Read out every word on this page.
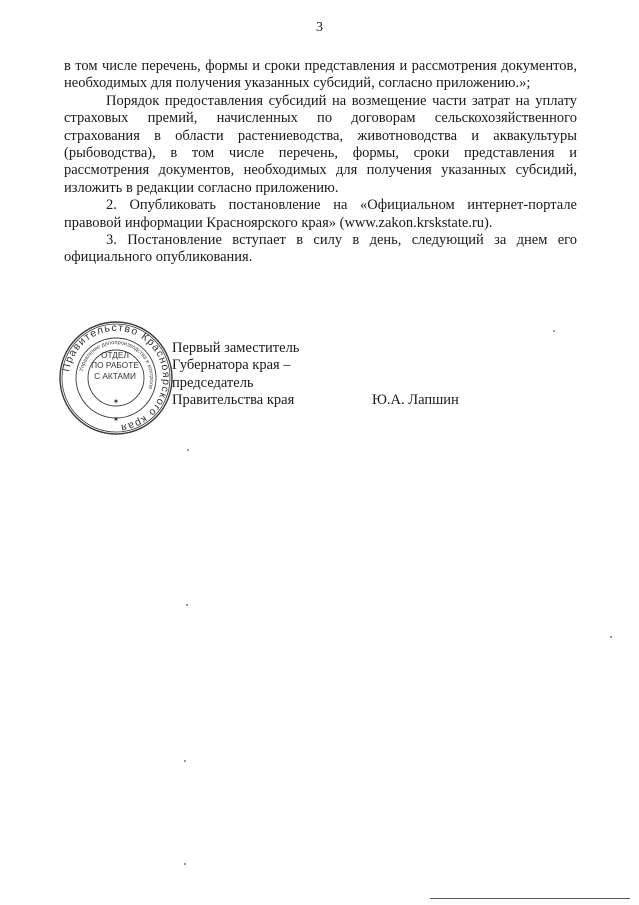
3

в том числе перечень, формы и сроки представления и рассмотрения документов, необходимых для получения указанных субсидий, согласно приложению.»;

Порядок предоставления субсидий на возмещение части затрат на уплату страховых премий, начисленных по договорам сельскохозяйственного страхования в области растениеводства, животноводства и аквакультуры (рыбоводства), в том числе перечень, формы, сроки представления и рассмотрения документов, необходимых для получения указанных субсидий, изложить в редакции согласно приложению.

2. Опубликовать постановление на «Официальном интернет-портале правовой информации Красноярского края» (www.zakon.krskstate.ru).

3. Постановление вступает в силу в день, следующий за днем его официального опубликования.

Правительство Красноярского края
Управление делопроизводства и контроля
✶
✶
ОТДЕЛ
ПО РАБОТЕ
С АКТАМИ
Первый заместитель
Губернатора края –
председатель
Правительства края	Ю.А. Лапшин
